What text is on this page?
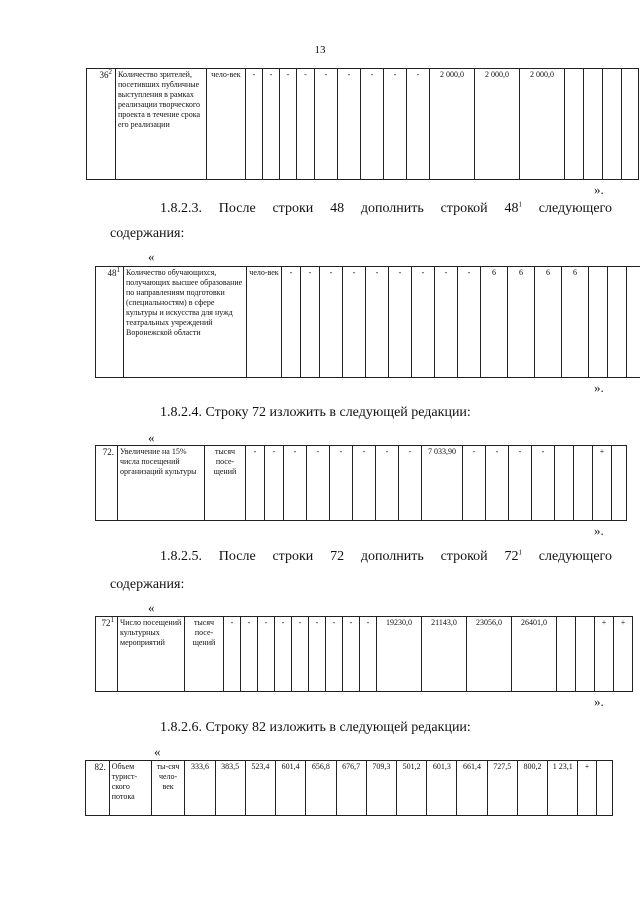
13
$36^2$	Количество зрителей, посетивших публичные выступления в рамках реализации творческого проекта в течение срока его реализации	чело-век	-	-	-	-	-	-	-	-	-	2 000,0	2 000,0	2 000,0				
».
1.8.2.3. После строки 48 дополнить строкой $48^1$ следующего
содержания:
«
$48^1$	Количество обучающихся, получающих высшее образование по направлениям подготовки (специальностям) в сфере культуры и искусства для нужд театральных учреждений Воронежской области	чело-век	-	-	-	-	-	-	-	-	-	6	6	6	6				
».
1.8.2.4. Строку 72 изложить в следующей редакции:
«
72.	Увеличение на 15% числа посещений организаций культуры	тысяч посе-щений	-	-	-	-	-	-	-	-	7 033,90	-	-	-	-			+	
».
1.8.2.5. После строки 72 дополнить строкой $72^1$ следующего
содержания:
«
$72^1$	Число посещений культурных мероприятий	тысяч посе-щений	-	-	-	-	-	-	-	-	-	19230,0	21143,0	23056,0	26401,0			+	+
».
1.8.2.6. Строку 82 изложить в следующей редакции:
«
82.	Объем турист-ского потока	ты-сяч чело-век	333,6	383,5	523,4	601,4	656,8	676,7	709,3	501,2	601,3	661,4	727,5	800,2	1 23,1	+	
